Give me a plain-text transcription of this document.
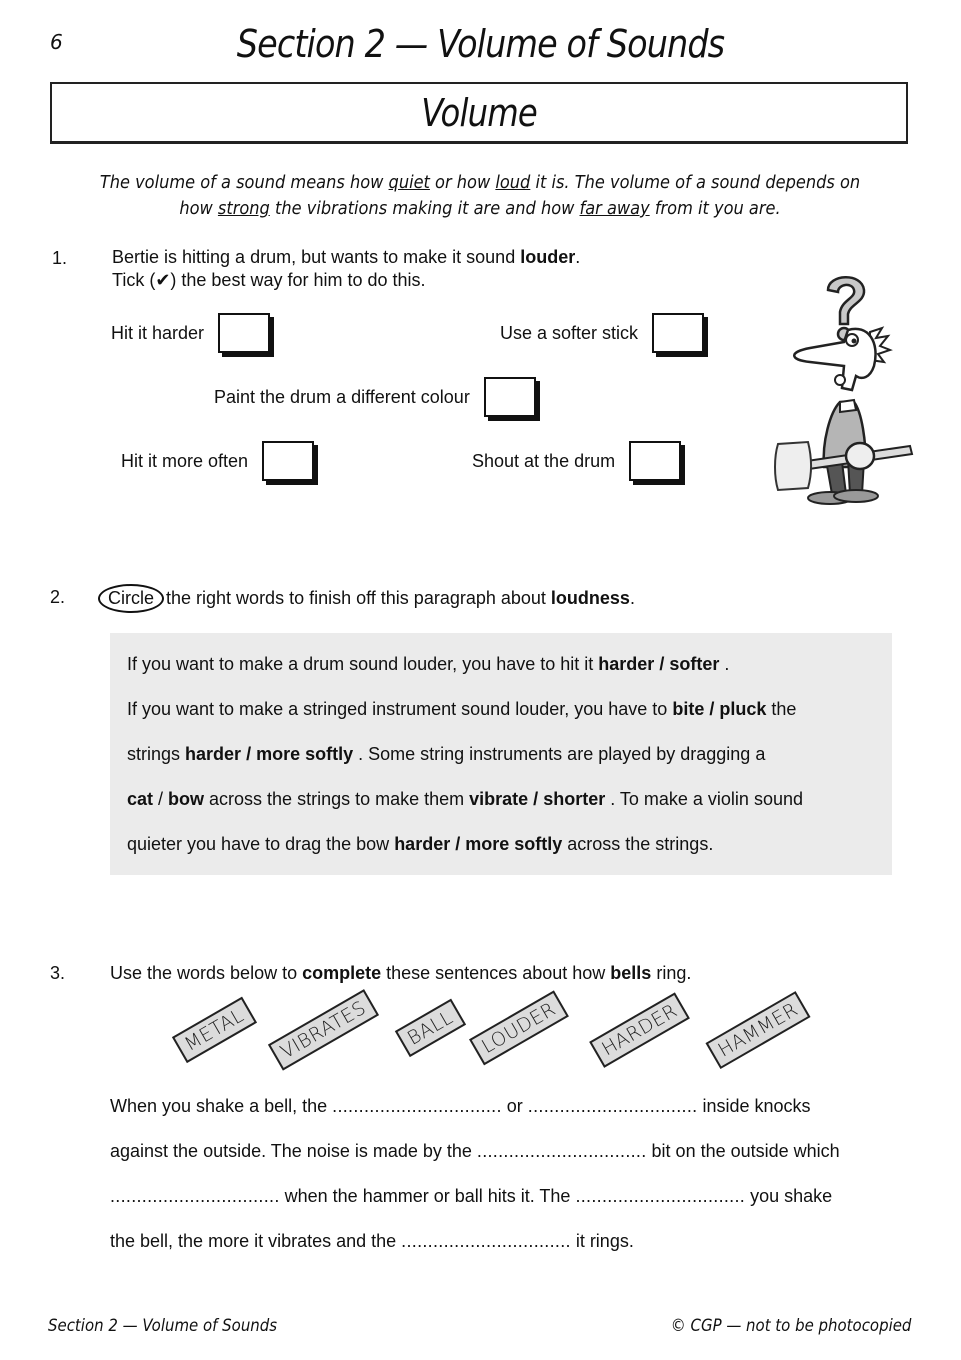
6	Section 2 — Volume of Sounds
Volume
The volume of a sound means how quiet or how loud it is. The volume of a sound depends on
how strong the vibrations making it are and how far away from it you are.
1. Bertie is hitting a drum, but wants to make it sound louder.
Tick (✔) the best way for him to do this.
Hit it harder	Use a softer stick
Paint the drum a different colour
Hit it more often	Shout at the drum
2.	Circle the right words to finish off this paragraph about loudness.
If you want to make a drum sound louder, you have to hit it harder / softer .
If you want to make a stringed instrument sound louder, you have to bite / pluck the
strings harder / more softly . Some string instruments are played by dragging a
cat / bow across the strings to make them vibrate / shorter . To make a violin sound
quieter you have to drag the bow harder / more softly across the strings.
3. Use the words below to complete these sentences about how bells ring.
METAL	VIBRATES	BALL	LOUDER	HARDER	HAMMER
When you shake a bell, the ................................ or ................................ inside knocks
against the outside. The noise is made by the ................................ bit on the outside which
................................ when the hammer or ball hits it. The ................................ you shake
the bell, the more it vibrates and the ................................ it rings.
Section 2 — Volume of Sounds	© CGP — not to be photocopied
